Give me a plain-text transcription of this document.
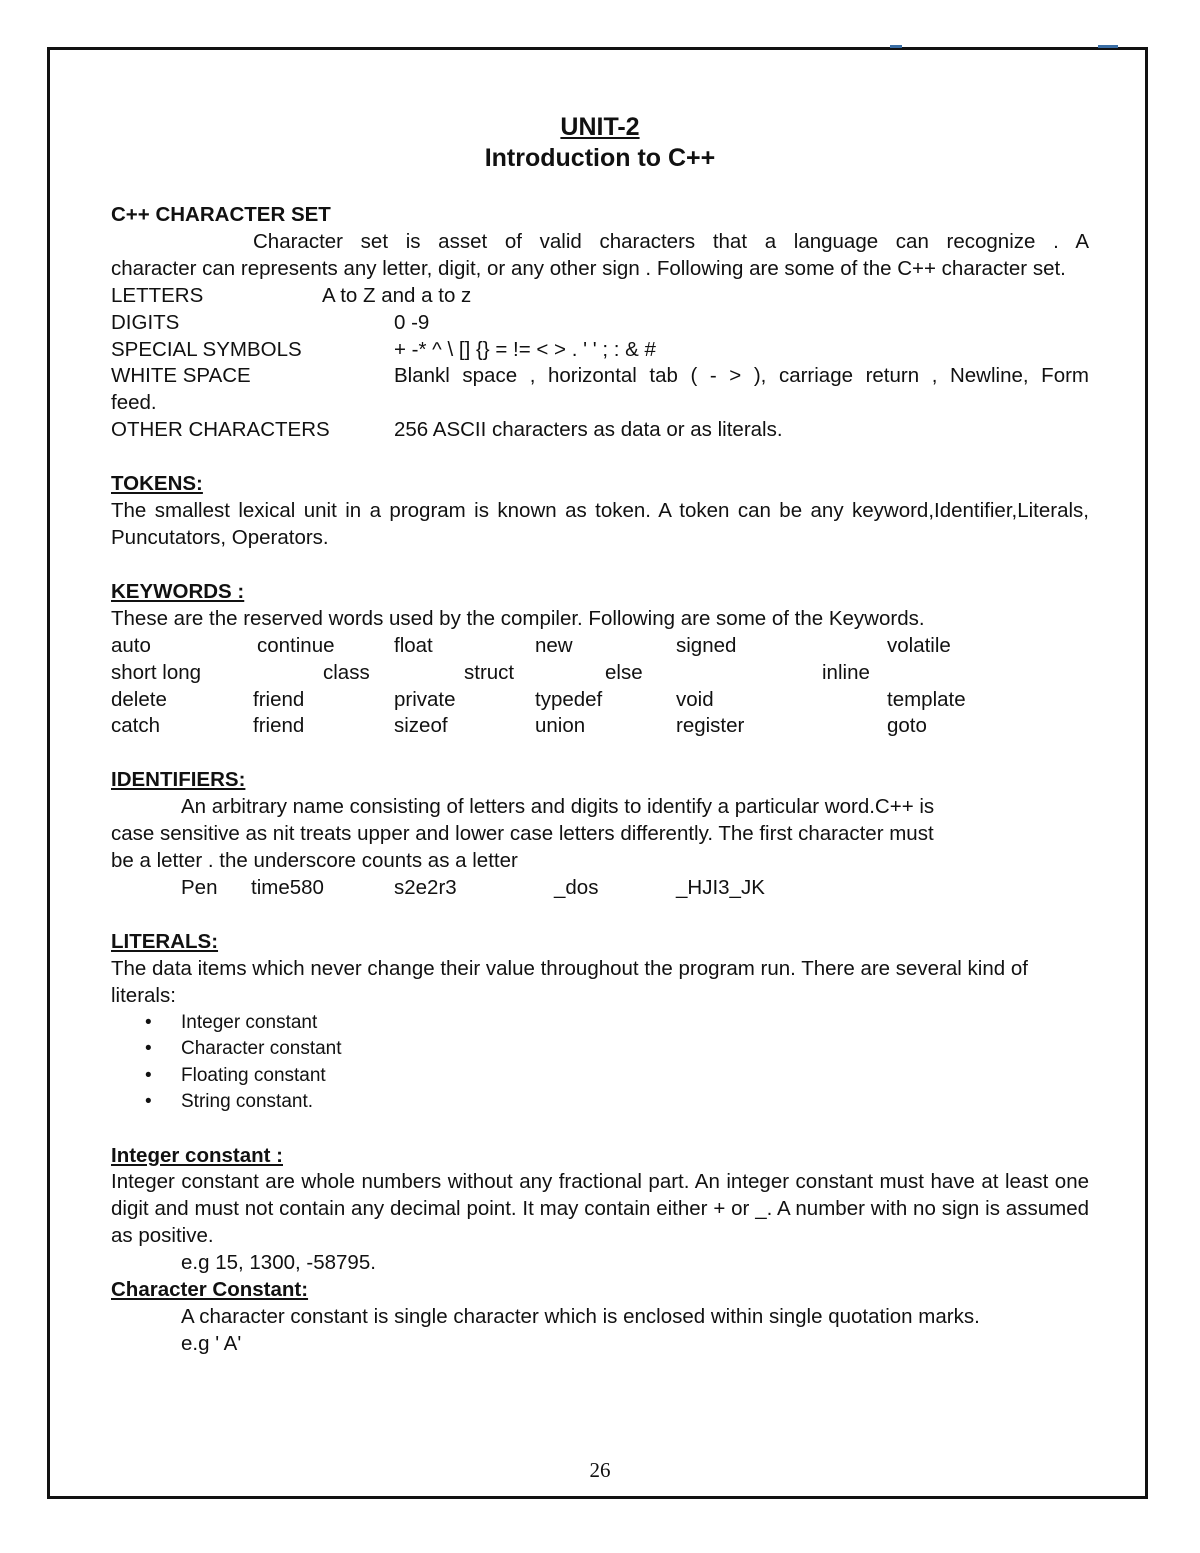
UNIT-2
Introduction to C++
C++ CHARACTER SET

Character set is asset of valid characters that a language can recognize . A

character can represents any letter, digit, or any other sign . Following are some of the C++ character set.

LETTERS	A to Z and a to z
DIGITS	0 -9
SPECIAL SYMBOLS	+ -* ^ \ [] {} = != < > . ' ' ; : & #
WHITE SPACE	Blankl space , horizontal tab ( - > ), carriage return , Newline, Form

feed.

OTHER CHARACTERS	256 ASCII characters as data or as literals.
TOKENS:

The smallest lexical unit in a program is known as token. A token can be any keyword,Identifier,Literals, Puncutators, Operators.

KEYWORDS :

These are the reserved words used by the compiler. Following are some of the Keywords.

auto	continue	float	new	signed	volatile
short long	class	struct	else	inline
delete	friend	private	typedef	void	template
catch	friend	sizeof	union	register	goto
IDENTIFIERS:

An arbitrary name consisting of letters and digits to identify a particular word.C++ is

case sensitive as nit treats upper and lower case letters differently. The first character must

be a letter . the underscore counts as a letter

Pen	time580	s2e2r3	_dos	_HJI3_JK
LITERALS:

The data items which never change their value throughout the program run. There are several kind of literals:

• Integer constant
• Character constant
• Floating constant
• String constant.
Integer constant :

Integer constant are whole numbers without any fractional part. An integer constant must have at least one digit and must not contain any decimal point. It may contain either + or _. A number with no sign is assumed as positive.

e.g 15, 1300, -58795.

Character Constant:

A character constant is single character which is enclosed within single quotation marks.

e.g ' A'

26
